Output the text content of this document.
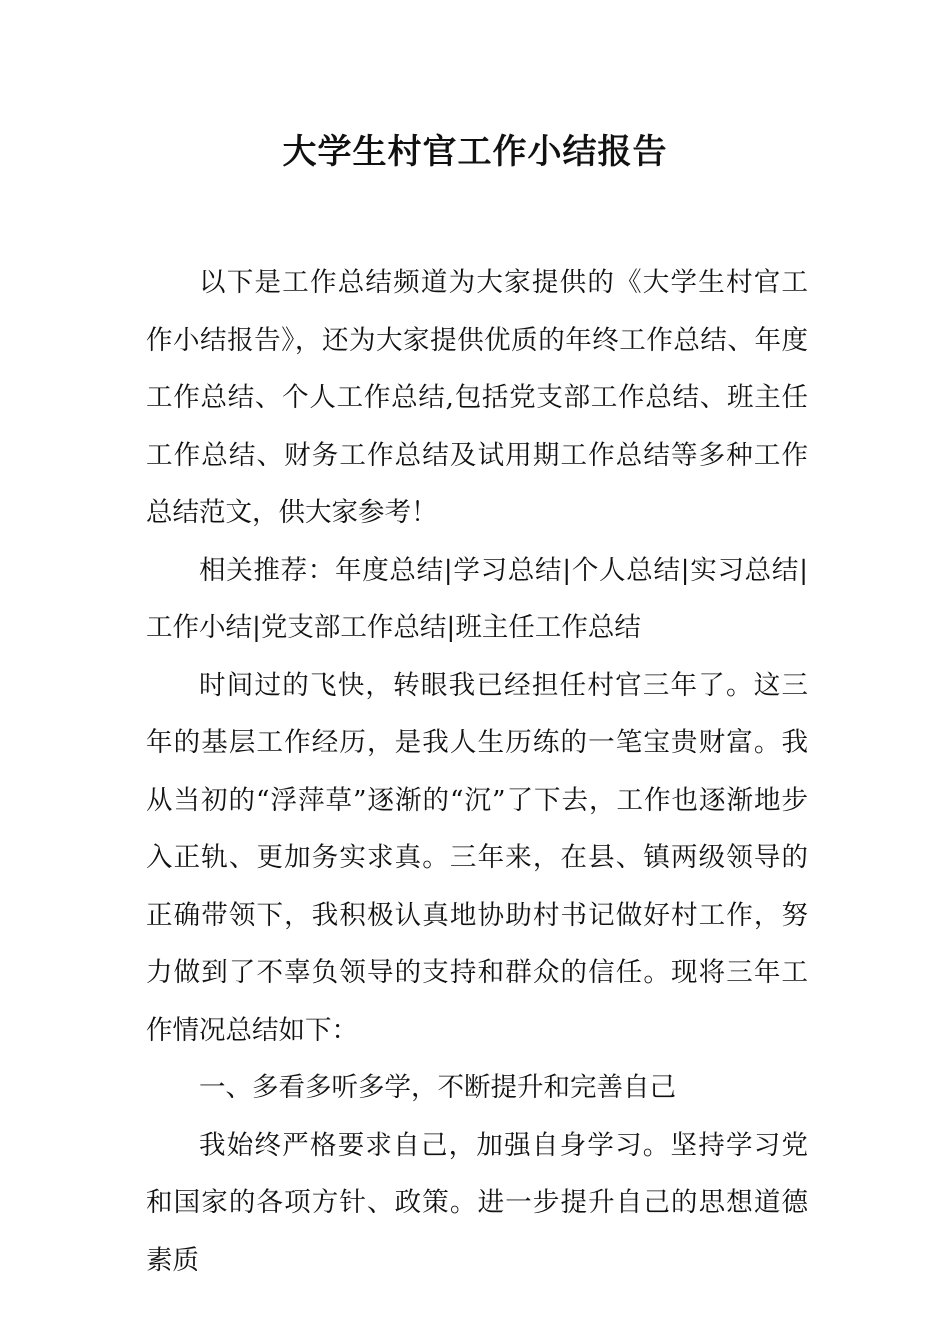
大学生村官工作小结报告

以下是工作总结频道为大家提供的《大学生村官工作小结报告》，还为大家提供优质的年终工作总结、年度工作总结、个人工作总结,包括党支部工作总结、班主任工作总结、财务工作总结及试用期工作总结等多种工作总结范文，供大家参考！

相关推荐：年度总结|学习总结|个人总结|实习总结|工作小结|党支部工作总结|班主任工作总结

时间过的飞快，转眼我已经担任村官三年了。这三年的基层工作经历，是我人生历练的一笔宝贵财富。我从当初的“浮萍草”逐渐的“沉”了下去，工作也逐渐地步入正轨、更加务实求真。三年来，在县、镇两级领导的正确带领下，我积极认真地协助村书记做好村工作，努力做到了不辜负领导的支持和群众的信任。现将三年工作情况总结如下：

一、多看多听多学，不断提升和完善自己

我始终严格要求自己，加强自身学习。坚持学习党和国家的各项方针、政策。进一步提升自己的思想道德素质
